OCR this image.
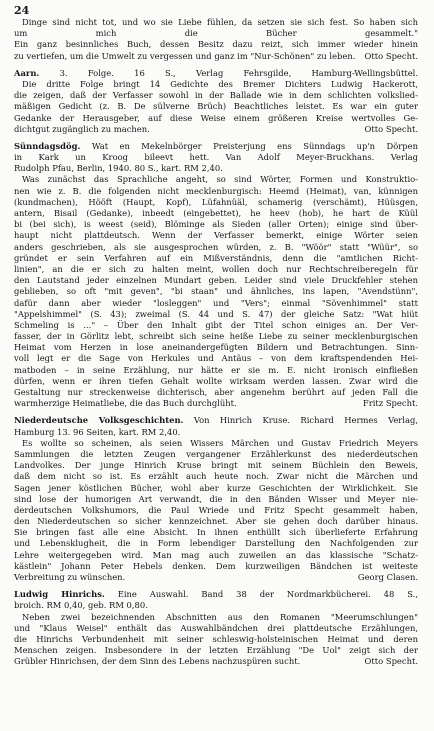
24
Dinge sind nicht tot, und wo sie Liebe fühlen, da setzen sie sich fest. So haben sich
um mich die Bücher gesammelt."
Ein ganz besinnliches Buch, dessen Besitz dazu reizt, sich immer wieder hinein
zu vertiefen, um die Umwelt zu vergessen und ganz im "Nur-Schönen" zu leben. Otto Specht.
Aarn. 3. Folge. 16 S., Verlag Fehrsgilde, Hamburg-Wellingsbüttel.
Die dritte Folge bringt 14 Gedichte des Bremer Dichters Ludwig Hackerott,
die zeigen, daß der Verfasser sowohl in der Ballade wie in dem schlichten volkslied-
mäßigen Gedicht (z. B. De sülverne Brüch) Beachtliches leistet. Es war ein guter
Gedanke der Herausgeber, auf diese Weise einem größeren Kreise wertvolles Ge-
dichtgut zugänglich zu machen.	Otto Specht.
Sünndagsdög. Wat en Mekelnbörger Preisterjung ens Sünndags up'n Dörpen
in Kark un Kroog bileevt hett. Van Adolf Meyer-Bruckhans. Verlag
Rudolph Pfau, Berlin, 1940. 80 S., kart. RM 2,40.
Was zunächst das Sprachliche angeht, so sind Wörter, Formen und Konstruktio-
nen wie z. B. die folgenden nicht mecklenburgisch: Heemd (Heimat), van, künnigen
(kundmachen), Hööft (Haupt, Kopf), Lüfahnüäl, schamerig (verschämt), Hüüsgen,
antern, Bisail (Gedanke), inbeedt (eingebettet), he heev (hob), he hart de Küül
bi (bei sich), is weest (seid), Blöminge als Sieden (aller Orten); einige sind über-
haupt nicht plattdeutsch. Wenn der Verfasser bemerkt, einige Wörter seien
anders geschrieben, als sie ausgesprochen würden, z. B. "Wöör" statt "Wüür", so
gründet er sein Verfahren auf ein Mißverständnis, denn die "amtlichen Richt-
linien", an die er sich zu halten meint, wollen doch nur Rechtschreiberegeln für
den Lautstand jeder einzelnen Mundart geben. Leider sind viele Druckfehler stehen
geblieben, so oft "mit geven", "bi staan" und ähnliches, ins lapen, "Avendstünn",
dafür dann aber wieder "losleggen" und "Vers"; einmal "Sövenhimmel" statt
"Appelshimmel" (S. 43); zweimal (S. 44 und S. 47) der gleiche Satz: "Wat hiüt
Schmeling is ..." – Über den Inhalt gibt der Titel schon einiges an. Der Ver-
fasser, der in Görlitz lebt, schreibt sich seine heiße Liebe zu seiner mecklenburgischen
Heimat vom Herzen in lose aneinandergefügten Bildern und Betrachtungen. Sinn-
voll legt er die Sage von Herkules und Antäus – von dem kraftspendenden Hei-
matboden – in seine Erzählung, nur hätte er sie m. E. nicht ironisch einfließen
dürfen, wenn er ihren tiefen Gehalt wollte wirksam werden lassen. Zwar wird die
Gestaltung nur streckenweise dichterisch, aber angenehm berührt auf jeden Fall die
warmherzige Heimatliebe, die das Buch durchglüht.	Fritz Specht.
Niederdeutsche Volksgeschichten. Von Hinrich Kruse. Richard Hermes Verlag,
Hamburg 13. 96 Seiten, kart. RM 2,40.
Es wollte so scheinen, als seien Wissers Märchen und Gustav Friedrich Meyers
Sammlungen die letzten Zeugen vergangener Erzählerkunst des niederdeutschen
Landvolkes. Der junge Hinrich Kruse bringt mit seinem Büchlein den Beweis,
daß dem nicht so ist. Es erzählt auch heute noch. Zwar nicht die Märchen und
Sagen jener köstlichen Bücher, wohl aber kurze Geschichten der Wirklichkeit. Sie
sind lose der humorigen Art verwandt, die in den Bänden Wisser und Meyer nie-
derdeutschen Volkshumors, die Paul Wriede und Fritz Specht gesammelt haben,
den Niederdeutschen so sicher kennzeichnet. Aber sie gehen doch darüber hinaus.
Sie bringen fast alle eine Absicht. In ihnen enthüllt sich überlieferte Erfahrung
und Lebensklugheit, die in Form lebendiger Darstellung den Nachfolgenden zur
Lehre weitergegeben wird. Man mag auch zuweilen an das klassische "Schatz-
kästlein" Johann Peter Hebels denken. Dem kurzweiligen Bändchen ist weiteste
Verbreitung zu wünschen.	Georg Clasen.
Ludwig Hinrichs. Eine Auswahl. Band 38 der Nordmarkbücherei. 48 S.,
broich. RM 0,40, geb. RM 0,80.
Neben zwei bezeichnenden Abschnitten aus den Romanen "Meerumschlungen"
und "Klaus Weisel" enthält das Auswahlbändchen drei plattdeutsche Erzählungen,
die Hinrichs Verbundenheit mit seiner schleswig-holsteinischen Heimat und deren
Menschen zeigen. Insbesondere in der letzten Erzählung "De Uol" zeigt sich der
Grübler Hinrichsen, der dem Sinn des Lebens nachzuspüren sucht.	Otto Specht.
